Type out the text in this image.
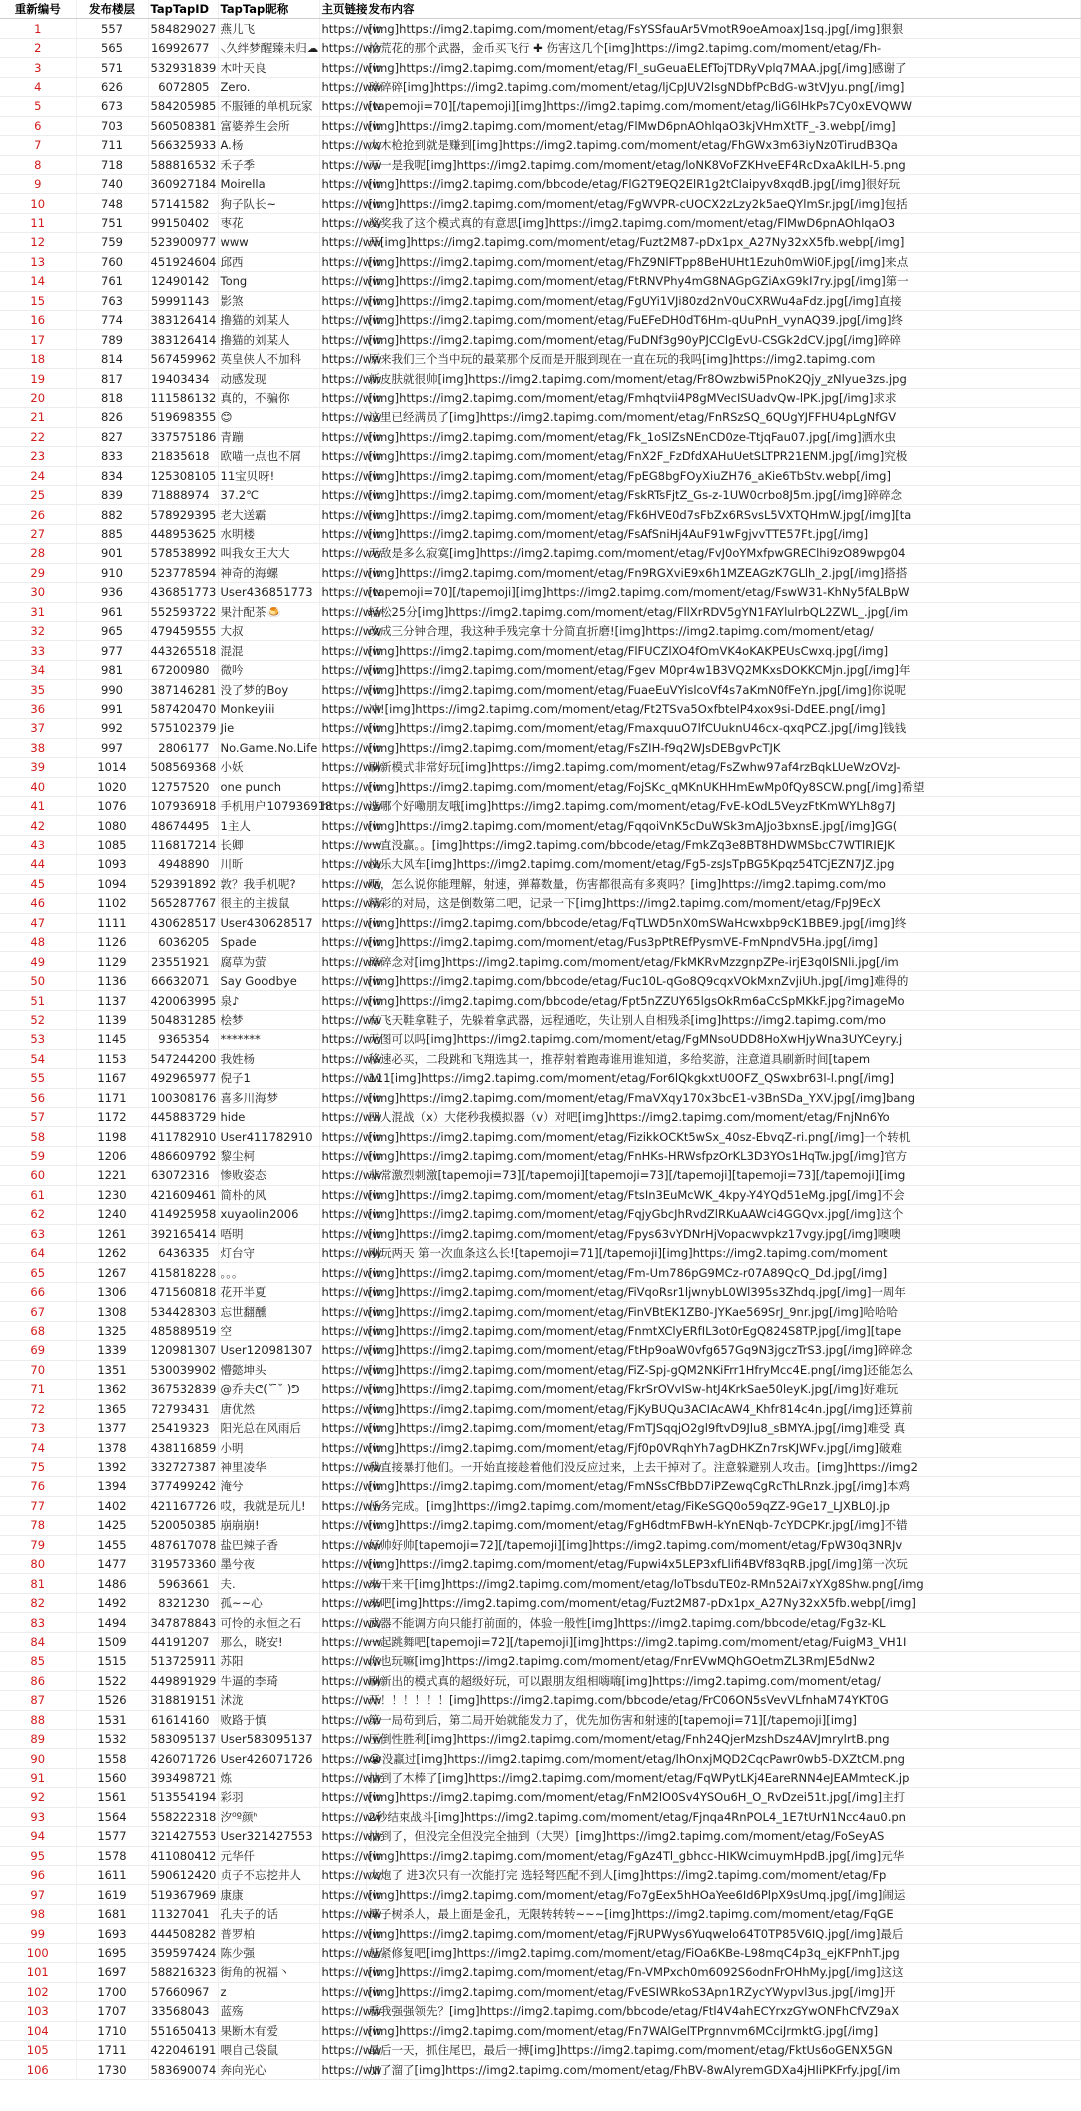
重新编号	发布楼层	TapTapID	TapTap昵称	主页链接	发布内容
1	557	584829027	燕儿飞	https://ww	[img]https://img2.tapimg.com/moment/etag/FsYSSfauAr5VmotR9oeAmoaxJ1sq.jpg[/img]狠狠
2	565	16992677	⸜久绊梦醒臻未归☁	https://ww	拾荒花的那个武器，金币买飞行 ✚ 伤害这几个[img]https://img2.tapimg.com/moment/etag/Fh-
3	571	532931839	木叶天良	https://ww	[img]https://img2.tapimg.com/moment/etag/Fl_suGeuaELEfTojTDRyVplq7MAA.jpg[/img]感谢了
4	626	6072805	Zero.	https://ww	碎碎碎[img]https://img2.tapimg.com/moment/etag/ljCpJUV2lsgNDbfPcBdG-w3tVJyu.png[/img]
5	673	584205985	不服锤的单机玩家	https://ww	[tapemoji=70][/tapemoji][img]https://img2.tapimg.com/moment/etag/liG6lHkPs7Cy0xEVQWW
6	703	560508381	富婆养生会所	https://ww	[img]https://img2.tapimg.com/moment/etag/FlMwD6pnAOhlqaO3kjVHmXtTF_-3.webp[/img]
7	711	566325933	A.杨	https://ww	大木枪抢到就是赚到[img]https://img2.tapimg.com/moment/etag/FhGWx3m63iyNz0TirudB3Qa
8	718	588816532	禾子季	https://ww	万一是我呢[img]https://img2.tapimg.com/moment/etag/loNK8VoFZKHveEF4RcDxaAkILH-5.png
9	740	360927184	Moirella	https://ww	[img]https://img2.tapimg.com/bbcode/etag/FlG2T9EQ2ElR1g2tClaipyv8xqdB.jpg[/img]很好玩
10	748	57141582	狗子队长~	https://ww	[img]https://img2.tapimg.com/moment/etag/FgWVPR-cUOCX2zLzy2k5aeQYlmSr.jpg[/img]包括
11	751	99150402	枣花	https://ww	奖奖我了这个模式真的有意思[img]https://img2.tapimg.com/moment/etag/FlMwD6pnAOhlqaO3
12	759	523900977	www	https://ww	开[img]https://img2.tapimg.com/moment/etag/Fuzt2M87-pDx1px_A27Ny32xX5fb.webp[/img]
13	760	451924604	邱西	https://ww	[img]https://img2.tapimg.com/moment/etag/FhZ9NlFTpp8BeHUHt1Ezuh0mWi0F.jpg[/img]来点
14	761	12490142	Tong	https://ww	[img]https://img2.tapimg.com/moment/etag/FtRNVPhy4mG8NAGpGZiAxG9kI7ry.jpg[/img]第一
15	763	59991143	影煞	https://ww	[img]https://img2.tapimg.com/moment/etag/FgUYi1VJi80zd2nV0uCXRWu4aFdz.jpg[/img]直接
16	774	383126414	撸猫的刘某人	https://ww	[img]https://img2.tapimg.com/moment/etag/FuEFeDH0dT6Hm-qUuPnH_vynAQ39.jpg[/img]终
17	789	383126414	撸猫的刘某人	https://ww	[img]https://img2.tapimg.com/moment/etag/FuDNf3g90yPJCClgEvU-CSGk2dCV.jpg[/img]碎碎
18	814	567459962	英皇侠人不加科	https://ww	原来我们三个当中玩的最菜那个反而是开服到现在一直在玩的我吗[img]https://img2.tapimg.com
19	817	19403434	动感发现	https://ww	新皮肤就很帅[img]https://img2.tapimg.com/moment/etag/Fr8Owzbwi5PnoK2Qjy_zNlyue3zs.jpg
20	818	111586132	真的，不骗你	https://ww	[img]https://img2.tapimg.com/moment/etag/Fmhqtvii4P8gMVecISUadvQw-lPK.jpg[/img]求求
21	826	519698355	😊	https://ww	这里已经满员了[img]https://img2.tapimg.com/moment/etag/FnRSzSQ_6QUgYJFFHU4pLgNfGV
22	827	337575186	青蹦	https://ww	[img]https://img2.tapimg.com/moment/etag/Fk_1oSlZsNEnCD0ze-TtjqFau07.jpg[/img]洒水虫
23	833	21835618	欧喵一点也不屑	https://ww	[img]https://img2.tapimg.com/moment/etag/FnX2F_FzDfdXAHuUetSLTPR21ENM.jpg[/img]究极
24	834	125308105	11宝贝呀!	https://ww	[img]https://img2.tapimg.com/moment/etag/FpEG8bgFOyXiuZH76_aKie6TbStv.webp[/img]
25	839	71888974	37.2℃	https://ww	[img]https://img2.tapimg.com/moment/etag/FskRTsFjtZ_Gs-z-1UW0crbo8J5m.jpg[/img]碎碎念
26	882	578929395	老大送霸	https://ww	[img]https://img2.tapimg.com/moment/etag/Fk6HVE0d7sFbZx6RSvsL5VXTQHmW.jpg[/img][ta
27	885	448953625	水明楼	https://ww	[img]https://img2.tapimg.com/moment/etag/FsAfSniHj4AuF91wFgjvvTTE57Ft.jpg[/img]
28	901	578538992	叫我女王大大	https://ww	无敌是多么寂寞[img]https://img2.tapimg.com/moment/etag/FvJ0oYMxfpwGREClhi9zO89wpg04
29	910	523778594	神奇的海螺	https://ww	[img]https://img2.tapimg.com/moment/etag/Fn9RGXviE9x6h1MZEAGzK7GLlh_2.jpg[/img]搭搭
30	936	436851773	User436851773	https://ww	[tapemoji=70][/tapemoji][img]https://img2.tapimg.com/moment/etag/FswW31-KhNy5fALBpW
31	961	552593722	果汁配茶🍮	https://ww	轻松25分[img]https://img2.tapimg.com/moment/etag/FllXrRDV5gYN1FAYlulrbQL2ZWL_.jpg[/im
32	965	479459555	大叔	https://ww	改成三分钟合理，我这种手残完拿十分简直折磨![img]https://img2.tapimg.com/moment/etag/
33	977	443265518	混混	https://ww	[img]https://img2.tapimg.com/moment/etag/FlFUCZlXO4fOmVK4oKAKPEUsCwxq.jpg[/img]
34	981	67200980	微吟	https://ww	[img]https://img2.tapimg.com/moment/etag/Fgev M0pr4w1B3VQ2MKxsDOKKCMjn.jpg[/img]年
35	990	387146281	没了梦的Boy	https://ww	[img]https://img2.tapimg.com/moment/etag/FuaeEuVYislcoVf4s7aKmN0fFeYn.jpg[/img]你说呢
36	991	587420470	Monkeyiii	https://ww	冲![img]https://img2.tapimg.com/moment/etag/Ft2TSva5OxfbtelP4xox9si-DdEE.png[/img]
37	992	575102379	Jie	https://ww	[img]https://img2.tapimg.com/moment/etag/FmaxquuO7lfCUuknU46cx-qxqPCZ.jpg[/img]钱钱
38	997	2806177	No.Game.No.Life	https://ww	[img]https://img2.tapimg.com/moment/etag/FsZIH-f9q2WJsDEBgvPcTJK
39	1014	508569368	小妖	https://ww	刷新模式非常好玩[img]https://img2.tapimg.com/moment/etag/FsZwhw97af4rzBqkLUeWzOVzJ-
40	1020	12757520	one punch	https://ww	[img]https://img2.tapimg.com/moment/etag/FojSKc_qMKnUKHHmEwMp0fQy8SCW.png[/img]希望
41	1076	107936918	手机用户107936918	https://ww	选哪个好嘞朋友哦[img]https://img2.tapimg.com/moment/etag/FvE-kOdL5VeyzFtKmWYLh8g7J
42	1080	48674495	1主人	https://ww	[img]https://img2.tapimg.com/moment/etag/FqqoiVnK5cDuWSk3mAJjo3bxnsE.jpg[/img]GG(
43	1085	116817214	长卿	https://ww	一直没赢。。[img]https://img2.tapimg.com/bbcode/etag/FmkZq3e8BT8HDWMSbcC7WTlRIEJK
44	1093	4948890	川昕	https://ww	快乐大风车[img]https://img2.tapimg.com/moment/etag/Fg5-zsJsTpBG5Kpqz54TCjEZN7JZ.jpg
45	1094	529391892	敦？我手机呢?	https://ww	呃，怎么说你能理解，射速，弹幕数量，伤害都很高有多爽吗？[img]https://img2.tapimg.com/mo
46	1102	565287767	很主的主拔鼠	https://ww	精彩的对局，这是倒数第二吧，记录一下[img]https://img2.tapimg.com/moment/etag/FpJ9EcX
47	1111	430628517	User430628517	https://ww	[img]https://img2.tapimg.com/bbcode/etag/FqTLWD5nX0mSWaHcwxbp9cK1BBE9.jpg[/img]终
48	1126	6036205	Spade	https://ww	[img]https://img2.tapimg.com/moment/etag/Fus3pPtREfPysmVE-FmNpndV5Ha.jpg[/img]
49	1129	23551921	腐草为萤	https://ww	碎碎念对[img]https://img2.tapimg.com/moment/etag/FkMKRvMzzgnpZPe-irjE3q0lSNli.jpg[/im
50	1136	66632071	Say Goodbye	https://ww	[img]https://img2.tapimg.com/bbcode/etag/Fuc10L-qGo8Q9cqxVOkMxnZvjiUh.jpg[/img]难得的
51	1137	420063995	泉♪	https://ww	[img]https://img2.tapimg.com/bbcode/etag/Fpt5nZZUY65lgsOkRm6aCcSpMKkF.jpg?imageMo
52	1139	504831285	桧梦	https://ww	有飞天鞋拿鞋子，先躲着拿武器，远程通吃，失让别人自相残杀[img]https://img2.tapimg.com/mo
53	1145	9365354	*******	https://ww	无图可以吗[img]https://img2.tapimg.com/moment/etag/FgMNsoUDD8HoXwHjyWna3UYCeyry.j
54	1153	547244200	我姓杨	https://ww	移速必买，二段跳和飞翔选其一，推荐射着跑毒谁用谁知道，多给奖游，注意道具刷新时间[tapem
55	1167	492965977	倪子1	https://ww	111[img]https://img2.tapimg.com/moment/etag/For6lQkgkxtU0OFZ_QSwxbr63l-l.png[/img]
56	1171	100308176	喜多川海梦	https://ww	[img]https://img2.tapimg.com/moment/etag/FmaVXqy170x3bcE1-v3BnSDa_YXV.jpg[/img]bang
57	1172	445883729	hide	https://ww	四人混战（x）大佬秒我模拟器（v）对吧[img]https://img2.tapimg.com/moment/etag/FnjNn6Yo
58	1198	411782910	User411782910	https://ww	[img]https://img2.tapimg.com/moment/etag/FizikkOCKt5wSx_40sz-EbvqZ-ri.png[/img]一个转机
59	1206	486609792	黎尘柯	https://ww	[img]https://img2.tapimg.com/moment/etag/FnHKs-HRWsfpzOrKL3D3YOs1HqTw.jpg[/img]官方
60	1221	63072316	惨败姿态	https://ww	非常激烈刺激[tapemoji=73][/tapemoji][tapemoji=73][/tapemoji][tapemoji=73][/tapemoji][img
61	1230	421609461	简朴的风	https://ww	[img]https://img2.tapimg.com/moment/etag/FtsIn3EuMcWK_4kpy-Y4YQd51eMg.jpg[/img]不会
62	1240	414925958	xuyaolin2006	https://ww	[img]https://img2.tapimg.com/moment/etag/FqjyGbcJhRvdZlRKuAAWci4GGQvx.jpg[/img]这个
63	1261	392165414	唔明	https://ww	[img]https://img2.tapimg.com/moment/etag/Fpys63vYDNrHjVopacwvpkz17vgy.jpg[/img]噢噢
64	1262	6436335	灯台守	https://ww	刚玩两天 第一次血条这么长![tapemoji=71][/tapemoji][img]https://img2.tapimg.com/moment
65	1267	415818228	。。。	https://ww	[img]https://img2.tapimg.com/moment/etag/Fm-Um786pG9MCz-r07A89QcQ_Dd.jpg[/img]
66	1306	471560818	花开半夏	https://ww	[img]https://img2.tapimg.com/moment/etag/FiVqoRsr1ljwnybL0Wl395s3Zhdq.jpg[/img]一周年
67	1308	534428303	忘世翻醺	https://ww	[img]https://img2.tapimg.com/moment/etag/FinVBtEK1ZB0-JYKae569SrJ_9nr.jpg[/img]哈哈哈
68	1325	485889519	空	https://ww	[img]https://img2.tapimg.com/moment/etag/FnmtXClyERfIL3ot0rEgQ824S8TP.jpg[/img][tape
69	1339	120981307	User120981307	https://ww	[img]https://img2.tapimg.com/moment/etag/FtHp9oaW0vfg657Gq9N3jgczTrS3.jpg[/img]碎碎念
70	1351	530039902	懵懿坤头	https://ww	[img]https://img2.tapimg.com/moment/etag/FiZ-Spj-gQM2NKiFrr1HfryMcc4E.png[/img]还能怎么
71	1362	367532839	@乔夫ᕦ(˘ ̄˘ )ᕤ	https://ww	[img]https://img2.tapimg.com/moment/etag/FkrSrOVvISw-htJ4KrkSae50leyK.jpg[/img]好难玩
72	1365	72793431	唐优然	https://ww	[img]https://img2.tapimg.com/moment/etag/FjKyBUQu3ACIAcAW4_Khfr814c4n.jpg[/img]还算前
73	1377	25419323	阳光总在风雨后	https://ww	[img]https://img2.tapimg.com/moment/etag/FmTJSqqjO2gl9ftvD9Jlu8_sBMYA.jpg[/img]难受 真
74	1378	438116859	小明	https://ww	[img]https://img2.tapimg.com/moment/etag/Fjf0p0VRqhYh7agDHKZn7rsKJWFv.jpg[/img]破难
75	1392	332727387	神里凌华	https://ww	我直接暴打他们。一开始直接趁着他们没反应过来，上去干掉对了。注意躲避别人攻击。[img]https://img2
76	1394	377499242	淹兮	https://ww	[img]https://img2.tapimg.com/moment/etag/FmNSsCfBbD7iPZewqCgRcThLRnzk.jpg[/img]本鸡
77	1402	421167726	哎，我就是玩儿!	https://ww	任务完成。[img]https://img2.tapimg.com/moment/etag/FiKeSGQ0o59qZZ-9Ge17_LJXBL0J.jp
78	1425	520050385	崩崩崩!	https://ww	[img]https://img2.tapimg.com/moment/etag/FgH6dtmFBwH-kYnENqb-7cYDCPKr.jpg[/img]不错
79	1455	487617078	盐巴辣子香	https://ww	好帅好帅[tapemoji=72][/tapemoji][img]https://img2.tapimg.com/moment/etag/FpW30q3NRJv
80	1477	319573360	墨兮夜	https://ww	[img]https://img2.tapimg.com/moment/etag/Fupwi4x5LEP3xfLlifi4BVf83qRB.jpg[/img]第一次玩
81	1486	5963661	夫.	https://ww	来干来干[img]https://img2.tapimg.com/moment/etag/loTbsduTE0z-RMn52Ai7xYXg8Shw.png[/img
82	1492	8321230	孤~~心	https://ww	来吧[img]https://img2.tapimg.com/moment/etag/Fuzt2M87-pDx1px_A27Ny32xX5fb.webp[/img]
83	1494	347878843	可怜的永恒之石	https://ww	武器不能调方向只能打前面的，体验一般性[img]https://img2.tapimg.com/bbcode/etag/Fg3z-KL
84	1509	44191207	那么，晓安!	https://ww	一起跳舞吧[tapemoji=72][/tapemoji][img]https://img2.tapimg.com/moment/etag/FuigM3_VH1I
85	1515	513725911	苏阳	https://ww	你也玩嘛[img]https://img2.tapimg.com/moment/etag/FnrEVwMQhGOetmZL3RmJE5dNw2
86	1522	449891929	牛逼的李琦	https://ww	刷新出的模式真的超级好玩，可以跟朋友组相嗨嗨[img]https://img2.tapimg.com/moment/etag/
87	1526	318819151	沭泷	https://ww	开！！！！！！[img]https://img2.tapimg.com/bbcode/etag/FrC06ON5sVevVLfnhaM74YKT0G
88	1531	61614160	败路于慎	https://ww	第一局苟到后，第二局开始就能发力了，优先加伤害和射速的[tapemoji=71][/tapemoji][img]
89	1532	583095137	User583095137	https://ww	压倒性胜利[img]https://img2.tapimg.com/moment/etag/Fnh24QjerMzshDsz4AVJmrylrtB.png
90	1558	426071726	User426071726	https://ww	😭没赢过[img]https://img2.tapimg.com/moment/etag/lhOnxjMQD2CqcPawr0wb5-DXZtCM.png
91	1560	393498721	炼	https://ww	抽到了木棒了[img]https://img2.tapimg.com/moment/etag/FqWPytLKj4EareRNN4eJEAMmtecK.jp
92	1561	513554194	彩羽	https://ww	[img]https://img2.tapimg.com/moment/etag/FnM2lO0Sv4YSOu6H_O_RvDzei51t.jpg[/img]主打
93	1564	558222318	汐⁰º颜ᑋ	https://ww	2秒结束战斗[img]https://img2.tapimg.com/moment/etag/Fjnqa4RnPOL4_1E7tUrN1Ncc4au0.pn
94	1577	321427553	User321427553	https://ww	抽到了，但没完全但没完全抽到（大哭）[img]https://img2.tapimg.com/moment/etag/FoSeyAS
95	1578	411080412	元华仟	https://ww	[img]https://img2.tapimg.com/moment/etag/FgAz4Tl_gbhcc-HIKWcimuymHpdB.jpg[/img]元华
96	1611	590612420	贞子不忘挖井人	https://ww	大炮了 进3次只有一次能打完 选轻弩匹配不到人[img]https://img2.tapimg.com/moment/etag/Fp
97	1619	519367969	康康	https://ww	[img]https://img2.tapimg.com/moment/etag/Fo7gEex5hHOaYee6Id6PlpX9sUmq.jpg[/img]闹运
98	1681	11327041	孔夫子的话	https://ww	椰子树杀人，最上面是金孔，无限转转转~~~[img]https://img2.tapimg.com/moment/etag/FqGE
99	1693	444508282	普罗柏	https://ww	[img]https://img2.tapimg.com/moment/etag/FjRUPWys6Yuqwelo64T0TP85V6IQ.jpg[/img]最后
100	1695	359597424	陈少强	https://ww	赶紧修复吧[img]https://img2.tapimg.com/moment/etag/FiOa6KBe-L98mqC4p3q_ejKFPnhT.jpg
101	1697	588216323	街角的祝福丶	https://ww	[img]https://img2.tapimg.com/moment/etag/Fn-VMPxch0m6092S6odnFrOHhMy.jpg[/img]这这
102	1700	57660967	z	https://ww	[img]https://img2.tapimg.com/moment/etag/FvESIWRkoS3Apn1RZycYWypvl3us.jpg[/img]开
103	1707	33568043	蓝殇	https://ww	看我强强领先？[img]https://img2.tapimg.com/bbcode/etag/Ftl4V4ahECYrxzGYwONFhCfVZ9aX
104	1710	551650413	果断木有爱	https://ww	[img]https://img2.tapimg.com/moment/etag/Fn7WAlGelTPrgnnvm6MCciJrmktG.jpg[/img]
105	1711	422046191	喂自己袋鼠	https://ww	最后一天，抓住尾巴，最后一搏[img]https://img2.tapimg.com/moment/etag/FktUs6oGENX5GN
106	1730	583690074	奔向光心	https://ww	加了溜了[img]https://img2.tapimg.com/moment/etag/FhBV-8wAlyremGDXa4jHliPKFrfy.jpg[/im
